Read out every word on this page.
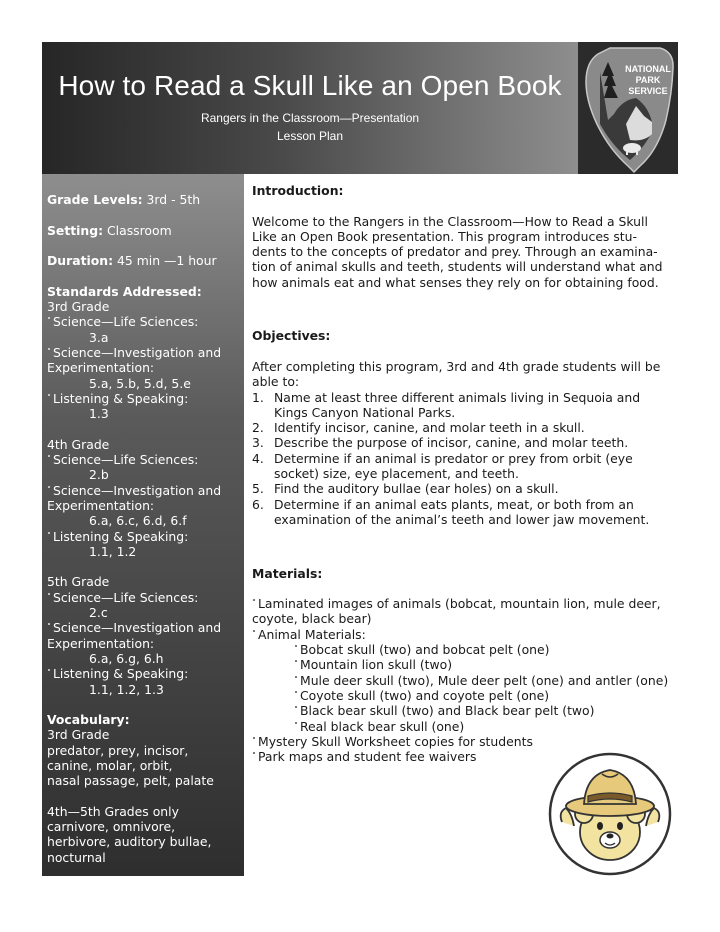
How to Read a Skull Like an Open Book
Rangers in the Classroom—Presentation
Lesson Plan
NATIONAL
PARK
SERVICE
Grade Levels: 3rd - 5th
Setting: Classroom
Duration: 45 min —1 hour
Standards Addressed:
3rd Grade
˚ Science—Life Sciences:
3.a
˚ Science—Investigation and
Experimentation:
5.a, 5.b, 5.d, 5.e
˚ Listening & Speaking:
1.3
4th Grade
˚ Science—Life Sciences:
2.b
˚ Science—Investigation and
Experimentation:
6.a, 6.c, 6.d, 6.f
˚ Listening & Speaking:
1.1, 1.2
5th Grade
˚ Science—Life Sciences:
2.c
˚ Science—Investigation and
Experimentation:
6.a, 6.g, 6.h
˚ Listening & Speaking:
1.1, 1.2, 1.3
Vocabulary:
3rd Grade
predator, prey, incisor,
canine, molar, orbit,
nasal passage, pelt, palate
4th—5th Grades only
carnivore, omnivore,
herbivore, auditory bullae,
nocturnal
Introduction:
Welcome to the Rangers in the Classroom—How to Read a Skull
Like an Open Book presentation. This program introduces stu-
dents to the concepts of predator and prey. Through an examina-
tion of animal skulls and teeth, students will understand what and
how animals eat and what senses they rely on for obtaining food.
Objectives:
After completing this program, 3rd and 4th grade students will be
able to:
1. Name at least three different animals living in Sequoia and
Kings Canyon National Parks.
2. Identify incisor, canine, and molar teeth in a skull.
3. Describe the purpose of incisor, canine, and molar teeth.
4. Determine if an animal is predator or prey from orbit (eye
socket) size, eye placement, and teeth.
5. Find the auditory bullae (ear holes) on a skull.
6. Determine if an animal eats plants, meat, or both from an
examination of the animal’s teeth and lower jaw movement.
Materials:
˚ Laminated images of animals (bobcat, mountain lion, mule deer,
coyote, black bear)
˚ Animal Materials:
˚ Bobcat skull (two) and bobcat pelt (one)
˚ Mountain lion skull (two)
˚ Mule deer skull (two), Mule deer pelt (one) and antler (one)
˚ Coyote skull (two) and coyote pelt (one)
˚ Black bear skull (two) and Black bear pelt (two)
˚ Real black bear skull (one)
˚ Mystery Skull Worksheet copies for students
˚ Park maps and student fee waivers
